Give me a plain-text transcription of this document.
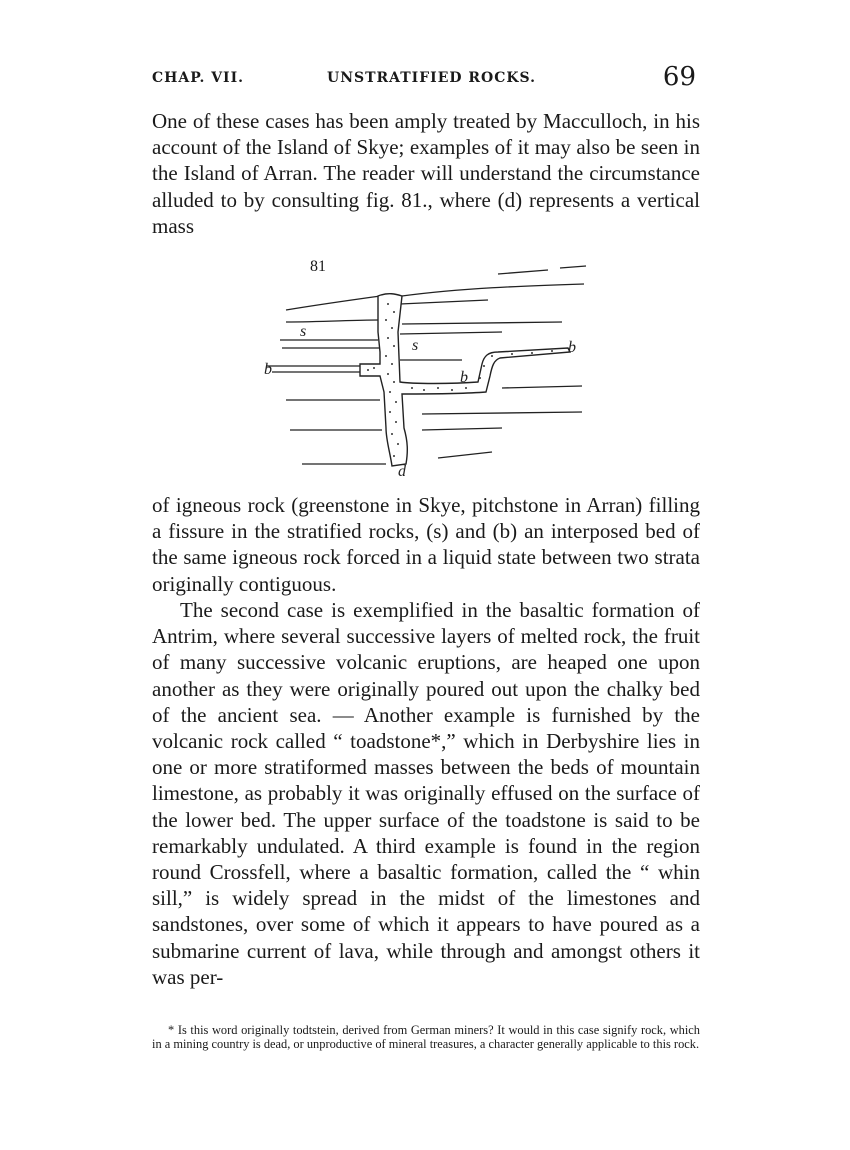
CHAP. VII.	UNSTRATIFIED ROCKS.	69

One of these cases has been amply treated by Macculloch, in his account of the Island of Skye; examples of it may also be seen in the Island of Arran. The reader will understand the circumstance alluded to by consulting fig. 81., where (d) represents a vertical mass

81
s
s
b	b
b
d

of igneous rock (greenstone in Skye, pitchstone in Arran) filling a fissure in the stratified rocks, (s) and (b) an interposed bed of the same igneous rock forced in a liquid state between two strata originally contiguous.

The second case is exemplified in the basaltic formation of Antrim, where several successive layers of melted rock, the fruit of many successive volcanic eruptions, are heaped one upon another as they were originally poured out upon the chalky bed of the ancient sea. — Another example is furnished by the volcanic rock called “ toadstone*,” which in Derbyshire lies in one or more stratiformed masses between the beds of mountain limestone, as probably it was originally effused on the surface of the lower bed. The upper surface of the toadstone is said to be remarkably undulated. A third example is found in the region round Crossfell, where a basaltic formation, called the “ whin sill,” is widely spread in the midst of the limestones and sandstones, over some of which it appears to have poured as a submarine current of lava, while through and amongst others it was per-

* Is this word originally todtstein, derived from German miners? It would in this case signify rock, which in a mining country is dead, or unproductive of mineral treasures, a character generally applicable to this rock.
